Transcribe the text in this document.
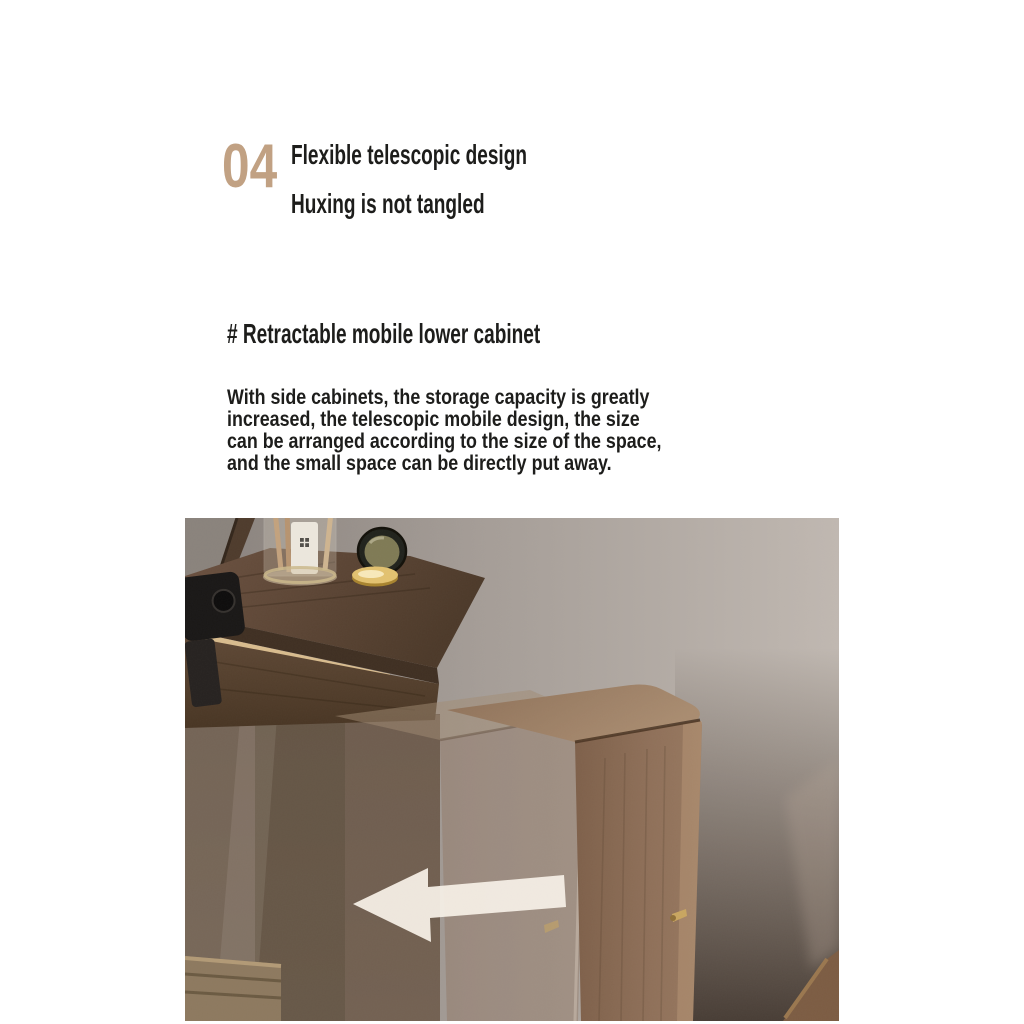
04 Flexible telescopic design
Huxing is not tangled
# Retractable mobile lower cabinet
With side cabinets, the storage capacity is greatly
increased, the telescopic mobile design, the size
can be arranged according to the size of the space,
and the small space can be directly put away.
